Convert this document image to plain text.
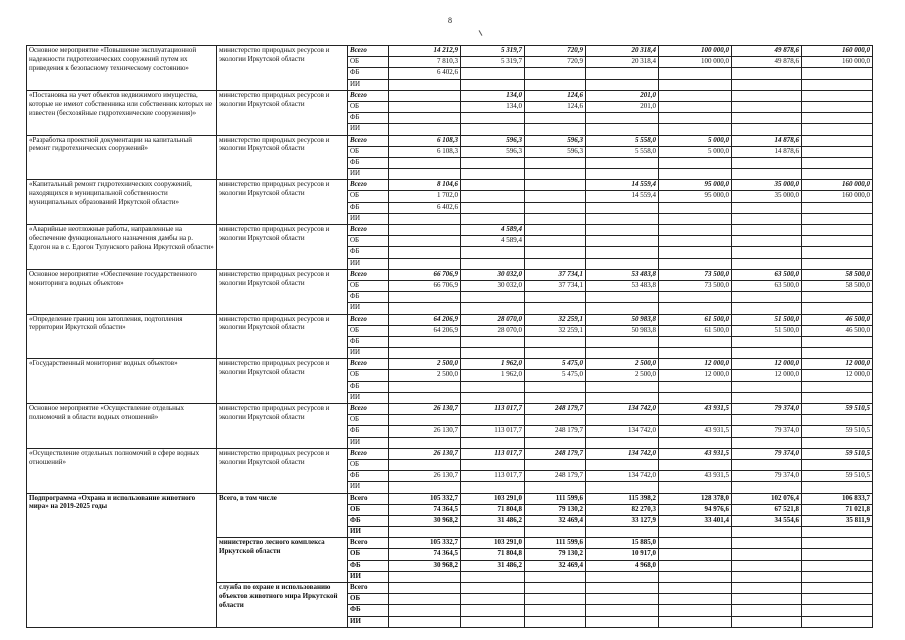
8
Основное мероприятие «Повышение эксплуатационной надежности гидротехнических сооружений путем их приведения к безопасному техническому состоянию»	министерство природных ресурсов и экологии Иркутской области	Всего	14 212,9	5 319,7	720,9	20 318,4	100 000,0	49 878,6	160 000,0
		ОБ	7 810,3	5 319,7	720,9	20 318,4	100 000,0	49 878,6	160 000,0
		ФБ	6 402,6						
		ИИ							
«Постановка на учет объектов недвижимого имущества, которые не имеют собственника или собственник которых не известен (бесхозяйные гидротехнические сооружения)»	министерство природных ресурсов и экологии Иркутской области	Всего		134,0	124,6	201,0			
		ОБ		134,0	124,6	201,0			
		ФБ							
		ИИ							
«Разработка проектной документации на капитальный ремонт гидротехнических сооружений»	министерство природных ресурсов и экологии Иркутской области	Всего	6 108,3	596,3	596,3	5 558,0	5 000,0	14 878,6	
		ОБ	6 108,3	596,3	596,3	5 558,0	5 000,0	14 878,6	
		ФБ							
		ИИ							
«Капитальный ремонт гидротехнических сооружений, находящихся в муниципальной собственности муниципальных образований Иркутской области»	министерство природных ресурсов и экологии Иркутской области	Всего	8 104,6			14 559,4	95 000,0	35 000,0	160 000,0
		ОБ	1 702,0			14 559,4	95 000,0	35 000,0	160 000,0
		ФБ	6 402,6						
		ИИ							
«Аварийные неотложные работы, направленные на обеспечение функционального назначения дамбы на р. Едогон на в с. Едогон Тулунского района Иркутской области»	министерство природных ресурсов и экологии Иркутской области	Всего		4 589,4					
		ОБ		4 589,4					
		ФБ							
		ИИ							
Основное мероприятие «Обеспечение государственного мониторинга водных объектов»	министерство природных ресурсов и экологии Иркутской области	Всего	66 706,9	30 032,0	37 734,1	53 483,8	73 500,0	63 500,0	58 500,0
		ОБ	66 706,9	30 032,0	37 734,1	53 483,8	73 500,0	63 500,0	58 500,0
		ФБ							
		ИИ							
«Определение границ зон затопления, подтопления территории Иркутской области»	министерство природных ресурсов и экологии Иркутской области	Всего	64 206,9	28 070,0	32 259,1	50 983,8	61 500,0	51 500,0	46 500,0
		ОБ	64 206,9	28 070,0	32 259,1	50 983,8	61 500,0	51 500,0	46 500,0
		ФБ							
		ИИ							
«Государственный мониторинг водных объектов»	министерство природных ресурсов и экологии Иркутской области	Всего	2 500,0	1 962,0	5 475,0	2 500,0	12 000,0	12 000,0	12 000,0
		ОБ	2 500,0	1 962,0	5 475,0	2 500,0	12 000,0	12 000,0	12 000,0
		ФБ							
		ИИ							
Основное мероприятие «Осуществление отдельных полномочий в области водных отношений»	министерство природных ресурсов и экологии Иркутской области	Всего	26 130,7	113 017,7	248 179,7	134 742,0	43 931,5	79 374,0	59 510,5
		ОБ							
		ФБ	26 130,7	113 017,7	248 179,7	134 742,0	43 931,5	79 374,0	59 510,5
		ИИ							
«Осуществление отдельных полномочий в сфере водных отношений»	министерство природных ресурсов и экологии Иркутской области	Всего	26 130,7	113 017,7	248 179,7	134 742,0	43 931,5	79 374,0	59 510,5
		ОБ							
		ФБ	26 130,7	113 017,7	248 179,7	134 742,0	43 931,5	79 374,0	59 510,5
		ИИ							
Подпрограмма «Охрана и использование животного мира» на 2019-2025 годы	Всего, в том числе	Всего	105 332,7	103 291,0	111 599,6	115 398,2	128 378,0	102 076,4	106 833,7
		ОБ	74 364,5	71 804,8	79 130,2	82 270,3	94 976,6	67 521,8	71 021,8
		ФБ	30 968,2	31 486,2	32 469,4	33 127,9	33 401,4	34 554,6	35 811,9
		ИИ							
	министерство лесного комплекса Иркутской области	Всего	105 332,7	103 291,0	111 599,6	15 885,0			
		ОБ	74 364,5	71 804,8	79 130,2	10 917,0			
		ФБ	30 968,2	31 486,2	32 469,4	4 968,0			
		ИИ							
	служба по охране и использованию объектов животного мира Иркутской области	Всего							
		ОБ							
		ФБ							
		ИИ							
